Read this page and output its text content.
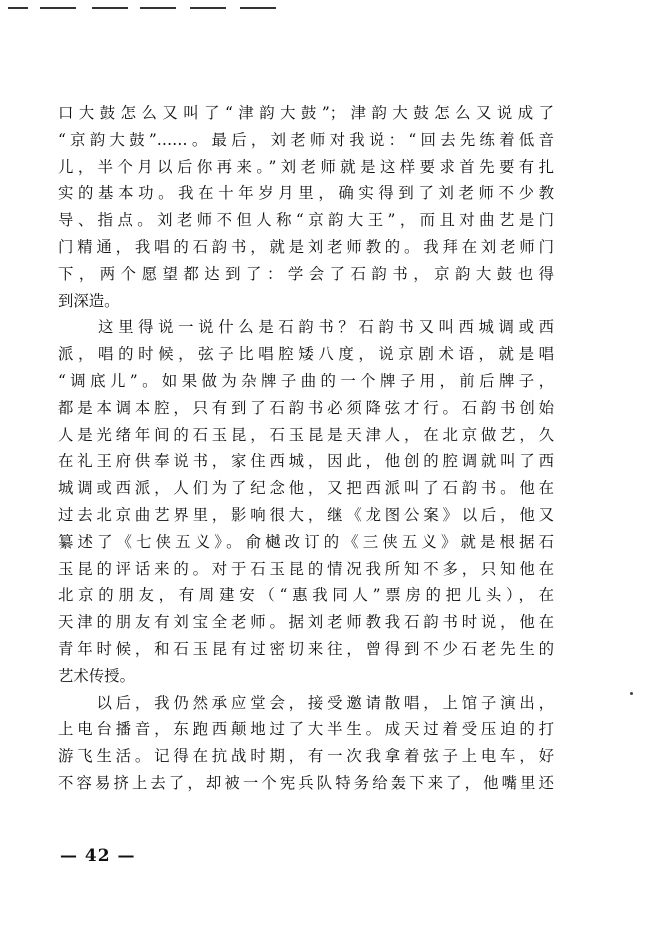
口大鼓怎么又叫了“津韵大鼓”；津韵大鼓怎么又说成了
“京韵大鼓”……。最后，刘老师对我说：“回去先练着低音
儿，半个月以后你再来。”刘老师就是这样要求首先要有扎
实的基本功。我在十年岁月里，确实得到了刘老师不少教
导、指点。刘老师不但人称“京韵大王”，而且对曲艺是门
门精通，我唱的石韵书，就是刘老师教的。我拜在刘老师门
下，两个愿望都达到了：学会了石韵书，京韵大鼓也得
到深造。
　　这里得说一说什么是石韵书？石韵书又叫西城调或西
派，唱的时候，弦子比唱腔矮八度，说京剧术语，就是唱
“调底儿”。如果做为杂牌子曲的一个牌子用，前后牌子，
都是本调本腔，只有到了石韵书必须降弦才行。石韵书创始
人是光绪年间的石玉昆，石玉昆是天津人，在北京做艺，久
在礼王府供奉说书，家住西城，因此，他创的腔调就叫了西
城调或西派，人们为了纪念他，又把西派叫了石韵书。他在
过去北京曲艺界里，影响很大，继《龙图公案》以后，他又
纂述了《七侠五义》。俞樾改订的《三侠五义》就是根据石
玉昆的评话来的。对于石玉昆的情况我所知不多，只知他在
北京的朋友，有周建安（“惠我同人”票房的把儿头），在
天津的朋友有刘宝全老师。据刘老师教我石韵书时说，他在
青年时候，和石玉昆有过密切来往，曾得到不少石老先生的
艺术传授。
　　以后，我仍然承应堂会，接受邀请散唱，上馆子演出，
上电台播音，东跑西颠地过了大半生。成天过着受压迫的打
游飞生活。记得在抗战时期，有一次我拿着弦子上电车，好
不容易挤上去了，却被一个宪兵队特务给轰下来了，他嘴里还
— 42 —
